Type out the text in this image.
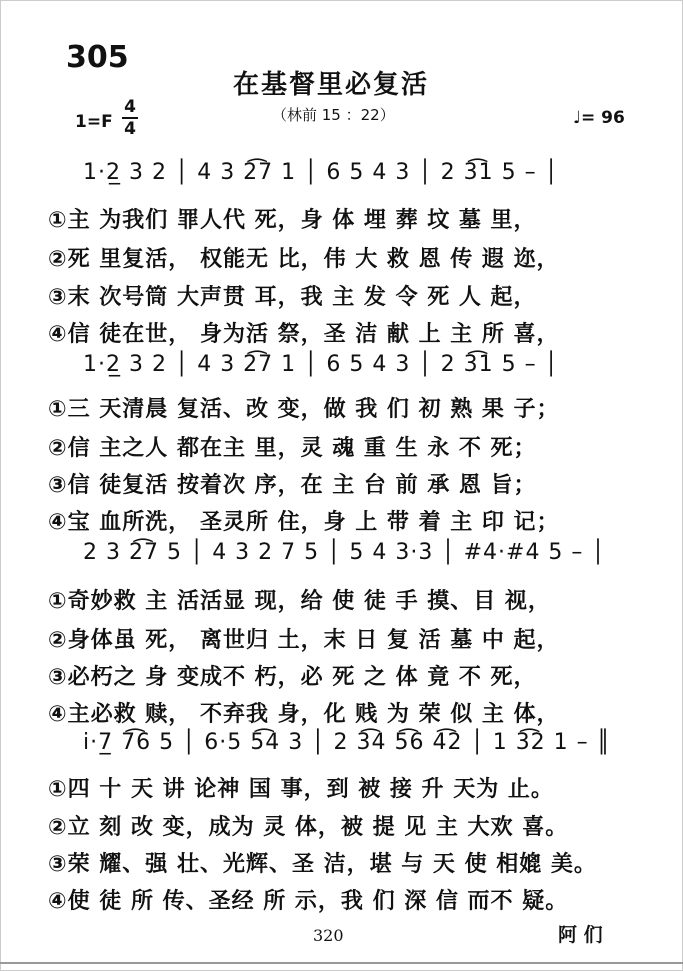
305
在基督里必复活
（林前 15 ：22）
1=F
4
4
♩= 96
1·2̲ 3 2 │ 4 3 2͡7 1 │ 6 5 4 3 │ 2 3͡1 5 – │
①主 为我们 罪人代 死，身 体 埋 葬 坟 墓 里，
②死 里复活， 权能无 比，伟 大 救 恩 传 遐 迩，
③末 次号筒 大声贯 耳，我 主 发 令 死 人 起，
④信 徒在世， 身为活 祭，圣 洁 献 上 主 所 喜，
1·2̲ 3 2 │ 4 3 2͡7 1 │ 6 5 4 3 │ 2 3͡1 5 – │
①三 天清晨 复活、改 变，做 我 们 初 熟 果 子；
②信 主之人 都在主 里，灵 魂 重 生 永 不 死；
③信 徒复活 按着次 序，在 主 台 前 承 恩 旨；
④宝 血所洗， 圣灵所 住，身 上 带 着 主 印 记；
2 3 2͡7 5 │ 4 3 2 7 5 │ 5 4 3·3 │ #4·#4 5 – │
①奇妙救 主 活活显 现，给 使 徒 手 摸、目 视，
②身体虽 死， 离世归 土，末 日 复 活 墓 中 起，
③必朽之 身 变成不 朽，必 死 之 体 竟 不 死，
④主必救 赎， 不弃我 身，化 贱 为 荣 似 主 体，
i·7̲ 7͡6 5 │ 6·5 5͡4 3 │ 2 3͡4 5͡6 4͡2 │ 1 3͡2 1 – ║
①四 十 天 讲 论神 国 事，到 被 接 升 天为 止。
②立 刻 改 变，成为 灵 体，被 提 见 主 大欢 喜。
③荣 耀、强 壮、光辉、圣 洁，堪 与 天 使 相媲 美。
④使 徒 所 传、圣经 所 示，我 们 深 信 而不 疑。
320	阿 们
